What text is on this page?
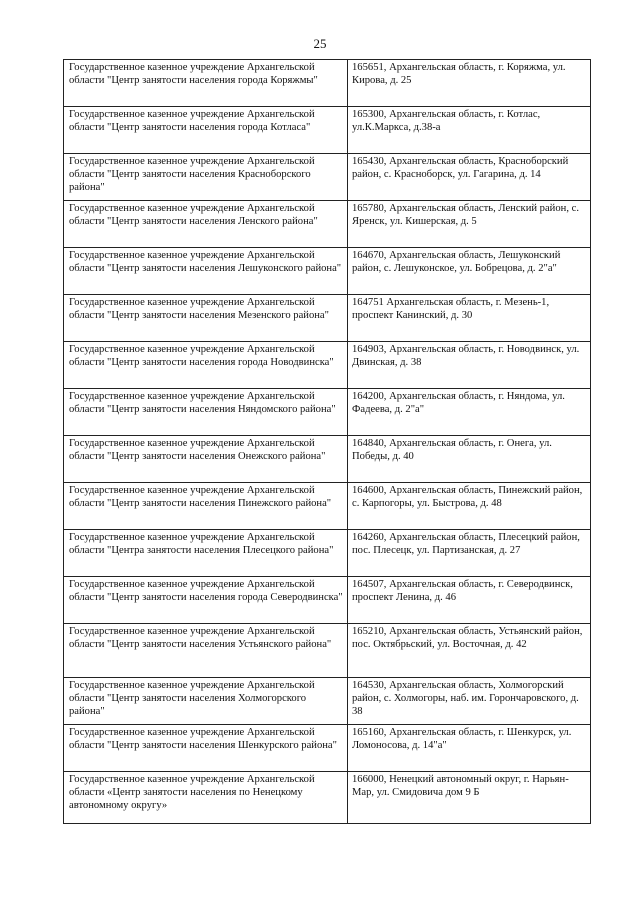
25
Государственное казенное учреждение Архангельской области "Центр занятости населения города Коряжмы"	165651, Архангельская область, г. Коряжма, ул. Кирова, д. 25
Государственное казенное учреждение Архангельской области "Центр занятости населения города Котласа"	165300, Архангельская область, г. Котлас, ул.К.Маркса, д.38-а
Государственное казенное учреждение Архангельской области "Центр занятости населения Красноборского района"	165430, Архангельская область, Красноборский район, с. Красноборск, ул. Гагарина, д. 14
Государственное казенное учреждение Архангельской области "Центр занятости населения Ленского района"	165780, Архангельская область, Ленский район, с. Яренск, ул. Кишерская, д. 5
Государственное казенное учреждение Архангельской области "Центр занятости населения Лешуконского района"	164670, Архангельская область, Лешуконский район, с. Лешуконское, ул. Бобрецова, д. 2"а"
Государственное казенное учреждение Архангельской области "Центр занятости населения Мезенского района"	164751 Архангельская область, г. Мезень-1, проспект Канинский, д. 30
Государственное казенное учреждение Архангельской области "Центр занятости населения города Новодвинска"	164903, Архангельская область, г. Новодвинск, ул. Двинская, д. 38
Государственное казенное учреждение Архангельской области "Центр занятости населения Няндомского района"	164200, Архангельская область, г. Няндома, ул. Фадеева, д. 2"а"
Государственное казенное учреждение Архангельской области "Центр занятости населения Онежского района"	164840, Архангельская область, г. Онега, ул. Победы, д. 40
Государственное казенное учреждение Архангельской области "Центр занятости населения Пинежского района"	164600, Архангельская область, Пинежский район, с. Карпогоры, ул. Быстрова, д. 48
Государственное казенное учреждение Архангельской области "Центра занятости населения Плесецкого района"	164260, Архангельская область, Плесецкий район, пос. Плесецк, ул. Партизанская, д. 27
Государственное казенное учреждение Архангельской области "Центр занятости населения города Северодвинска"	164507, Архангельская область, г. Северодвинск, проспект Ленина, д. 46
Государственное казенное учреждение Архангельской области "Центр занятости населения Устьянского района"	165210, Архангельская область, Устьянский район, пос. Октябрьский, ул. Восточная, д. 42
Государственное казенное учреждение Архангельской области "Центр занятости населения Холмогорского района"	164530, Архангельская область, Холмогорский район, с. Холмогоры, наб. им. Горончаровского, д. 38
Государственное казенное учреждение Архангельской области "Центр занятости населения Шенкурского района"	165160, Архангельская область, г. Шенкурск, ул. Ломоносова, д. 14"а"
Государственное казенное учреждение Архангельской области «Центр занятости населения по Ненецкому автономному округу»	166000, Ненецкий автономный округ, г. Нарьян-Мар, ул. Смидовича дом 9 Б
